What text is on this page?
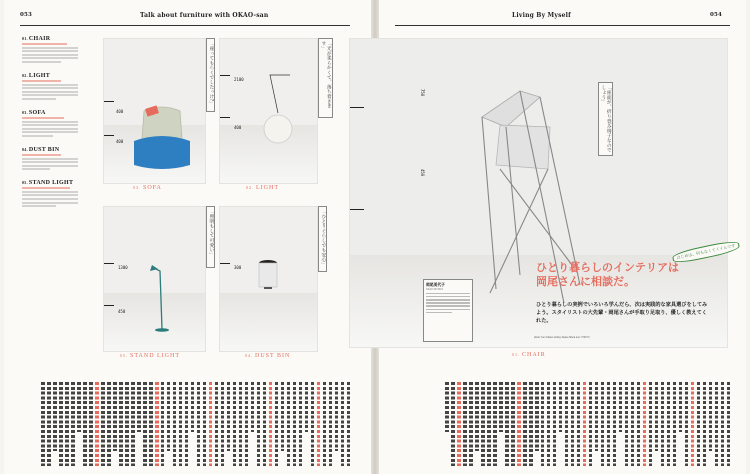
053	Talk about furniture with OKAO-san	Living By Myself	054
01.CHAIR
02.LIGHT
03.SOFA
04.DUST BIN
05.STAND LIGHT
400
400
「座ってもらくでしたっけ?」
03. SOFA
2100
400
「光が柔らかくて、落ち着きます」
02. LIGHT
1300
450
「照明もして可愛い」
05. STAND LIGHT
300
「ひとりぐらしでも安心」
04. DUST BIN
750
450
「座面が、折り畳み椅子なのでしょう」
岡尾美代子
OKAO MIYOKO
はじめは、何もなくてイイんです
ひとり暮らしのインテリアは
岡尾さんに相談だ。
ひとり暮らしの実例でいろいろ学んだら、次は実践的な家具選びをしてみよう。スタイリストの大先輩・岡尾さんが手取り足取り、優しく教えてくれた。
photo: Ken Kitano writing: Akane Miura text: YOKYO
01. CHAIR
